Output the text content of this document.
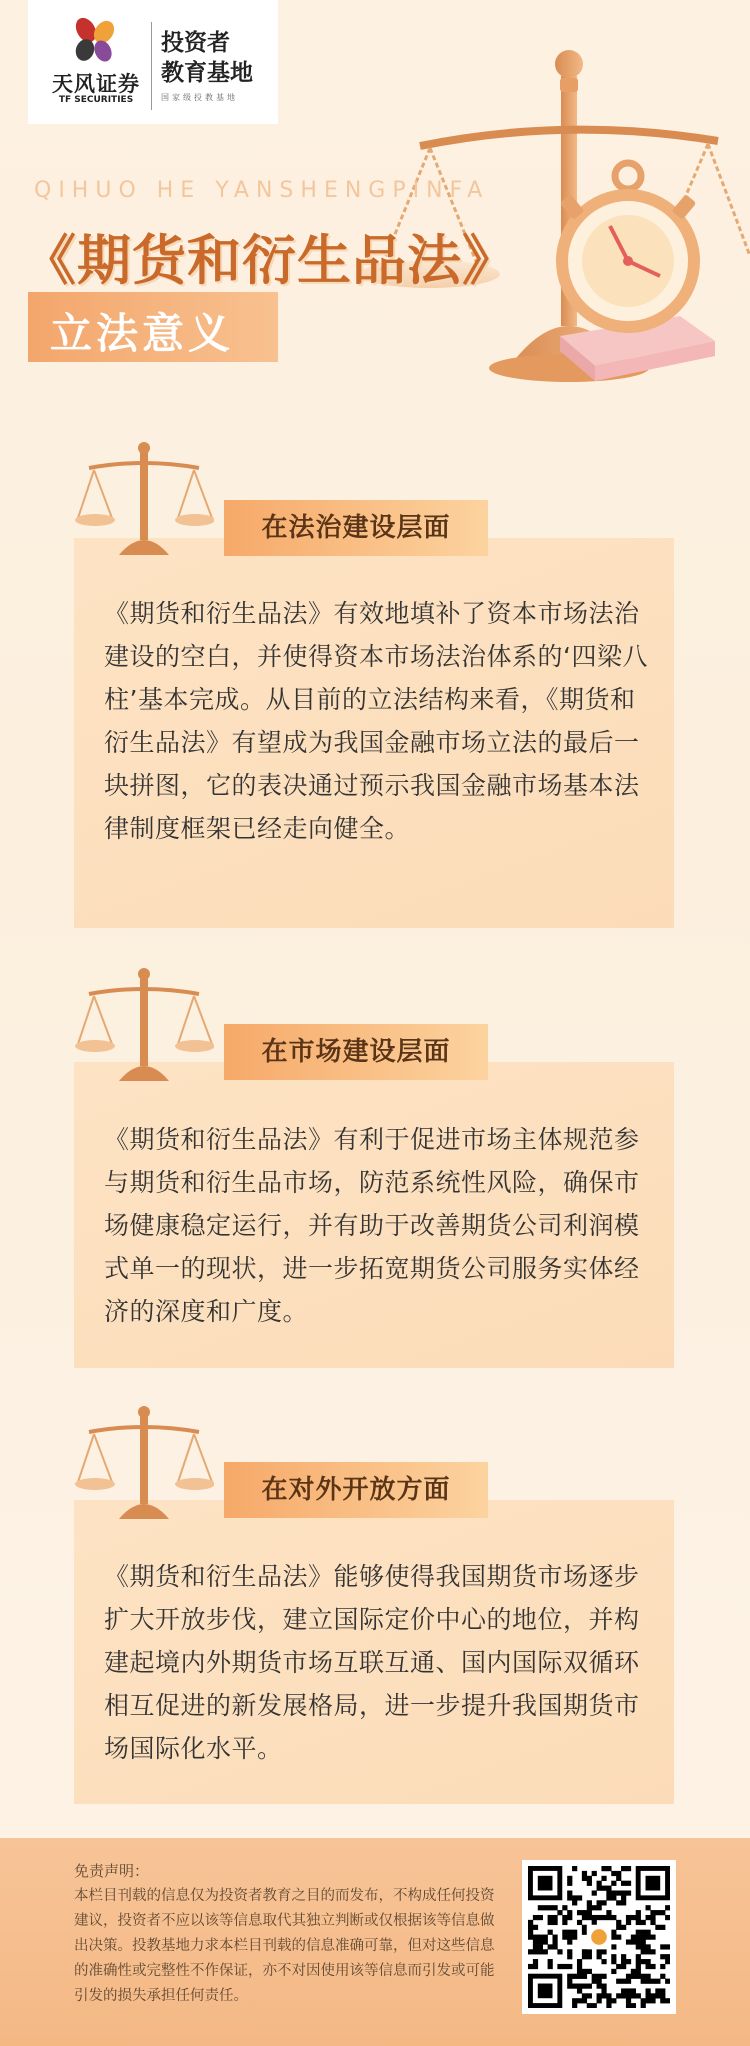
天风证券
TF SECURITIES
投资者
教育基地
国家级投教基地
QIHUO HE YANSHENGPINFA
《期货和衍生品法》
立法意义
在法治建设层面
《期货和衍生品法》有效地填补了资本市场法治建设的空白，并使得资本市场法治体系的‘四梁八柱’基本完成。从目前的立法结构来看，《期货和衍生品法》有望成为我国金融市场立法的最后一块拼图，它的表决通过预示我国金融市场基本法律制度框架已经走向健全。
在市场建设层面
《期货和衍生品法》有利于促进市场主体规范参与期货和衍生品市场，防范系统性风险，确保市场健康稳定运行，并有助于改善期货公司利润模式单一的现状，进一步拓宽期货公司服务实体经济的深度和广度。
在对外开放方面
《期货和衍生品法》能够使得我国期货市场逐步扩大开放步伐，建立国际定价中心的地位，并构建起境内外期货市场互联互通、国内国际双循环相互促进的新发展格局，进一步提升我国期货市场国际化水平。
免责声明：
本栏目刊载的信息仅为投资者教育之目的而发布，不构成任何投资建议，投资者不应以该等信息取代其独立判断或仅根据该等信息做出决策。投教基地力求本栏目刊载的信息准确可靠，但对这些信息的准确性或完整性不作保证，亦不对因使用该等信息而引发或可能引发的损失承担任何责任。
